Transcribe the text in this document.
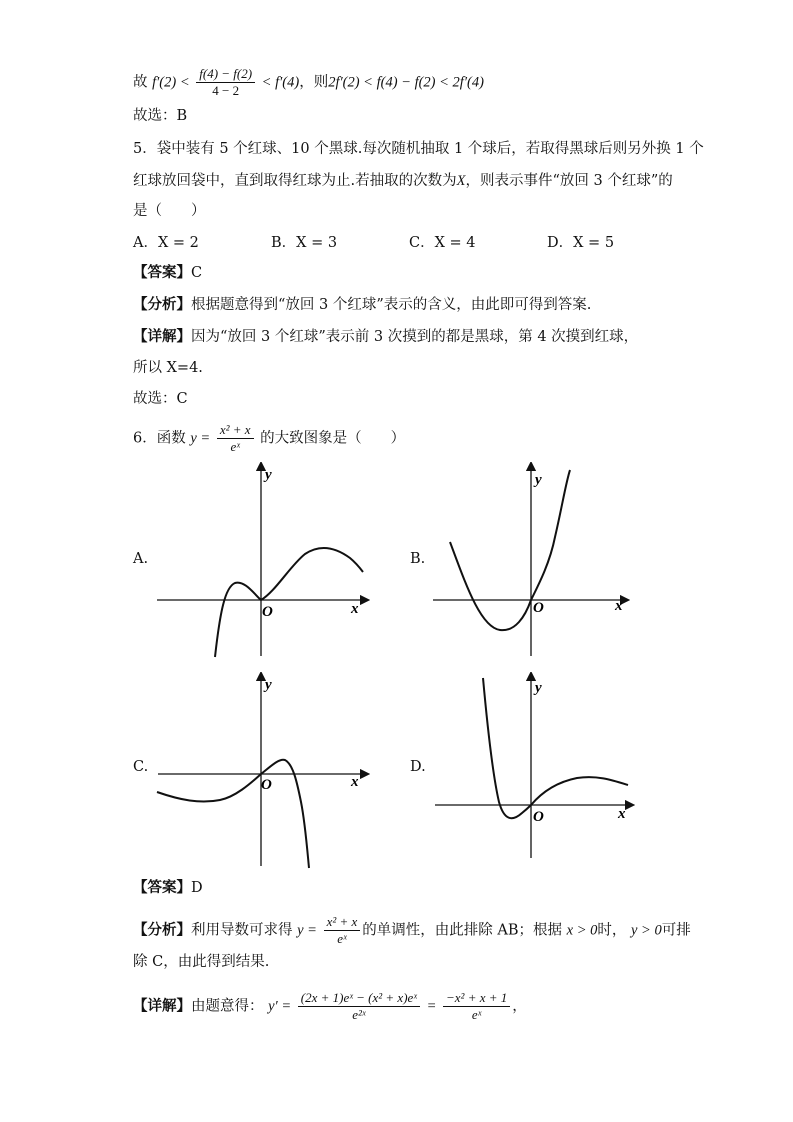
故 $f'(2) < \frac{f(4) - f(2)}{4 - 2} < f'(4)$，则2f′(2) < f(4) − f(2) < 2f′(4)
故选：B
5．袋中装有 5 个红球、10 个黑球.每次随机抽取 1 个球后，若取得黑球后则另外换 1 个
红球放回袋中，直到取得红球为止.若抽取的次数为X，则表示事件“放回 3 个红球”的
是（　　）
A．X = 2	B．X = 3	C．X = 4	D．X = 5
【答案】C
【分析】根据题意得到“放回 3 个红球”表示的含义，由此即可得到答案.
【详解】因为“放回 3 个红球”表示前 3 次摸到的都是黑球，第 4 次摸到红球，
所以 X=4.
故选：C
6．函数 $y = \frac{\text{x² + x}}{\text{eˣ}}$ 的大致图象是（　　）
A.	B.
C.	D.
y
x
O
y
x
O
y
x
O
y
x
O
【答案】D
【分析】利用导数可求得 $y = \frac{\text{x² + x}}{\text{eˣ}}$ 的单调性，由此排除 AB；根据 x > 0时， y > 0可排
除 C，由此得到结果.
【详解】由题意得： $y' = \frac{\text{(2x + 1)eˣ − (x² + x)eˣ}}{\text{e²ˣ}} = \frac{\text{−x² + x + 1}}{\text{eˣ}}$ ，
